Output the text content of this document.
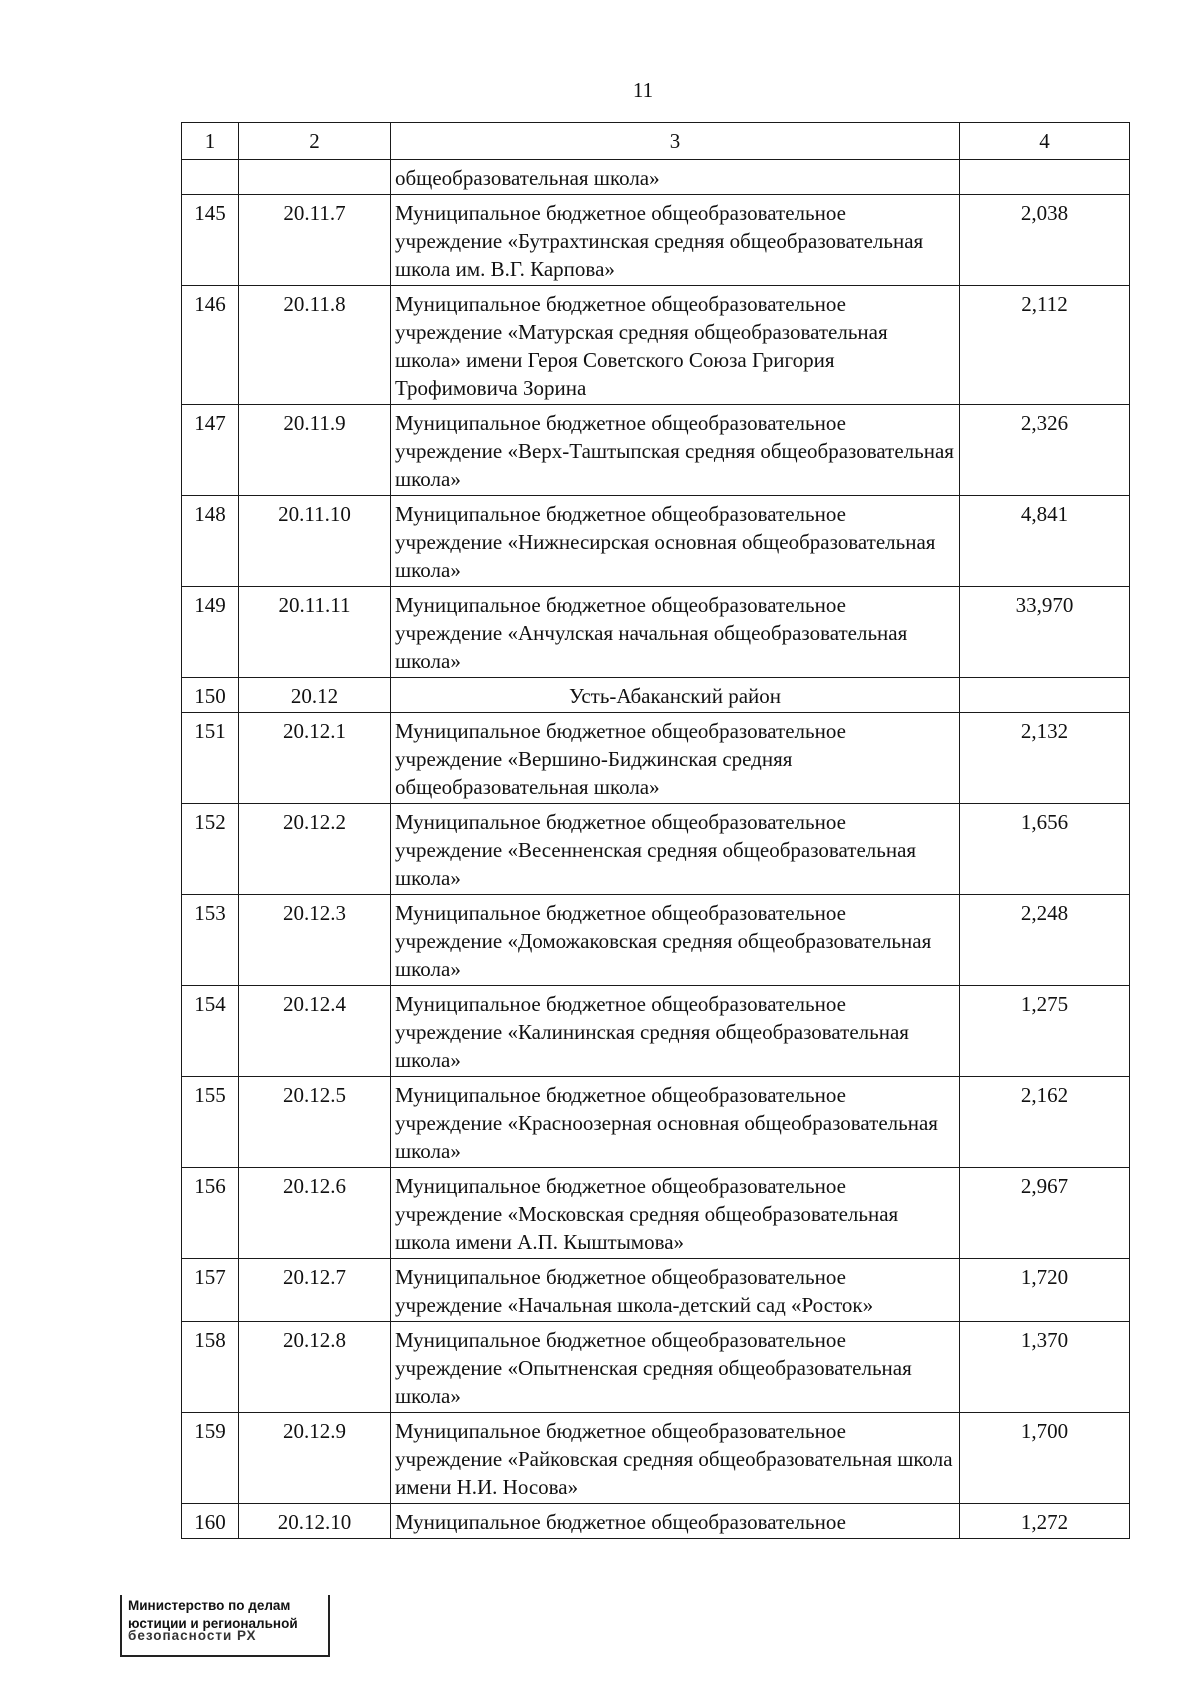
11
1	2	3	4
		общеобразовательная школа»	
145	20.11.7	Муниципальное бюджетное общеобразовательное учреждение «Бутрахтинская средняя общеобразовательная школа им. В.Г. Карпова»	2,038
146	20.11.8	Муниципальное бюджетное общеобразовательное учреждение «Матурская средняя общеобразовательная школа» имени Героя Советского Союза Григория Трофимовича Зорина	2,112
147	20.11.9	Муниципальное бюджетное общеобразовательное учреждение «Верх-Таштыпская средняя общеобразовательная школа»	2,326
148	20.11.10	Муниципальное бюджетное общеобразовательное учреждение «Нижнесирская основная общеобразовательная школа»	4,841
149	20.11.11	Муниципальное бюджетное общеобразовательное учреждение «Анчулская начальная общеобразовательная школа»	33,970
150	20.12	Усть-Абаканский район	
151	20.12.1	Муниципальное бюджетное общеобразовательное учреждение «Вершино-Биджинская средняя общеобразовательная школа»	2,132
152	20.12.2	Муниципальное бюджетное общеобразовательное учреждение «Весенненская средняя общеобразовательная школа»	1,656
153	20.12.3	Муниципальное бюджетное общеобразовательное учреждение «Доможаковская средняя общеобразовательная школа»	2,248
154	20.12.4	Муниципальное бюджетное общеобразовательное учреждение «Калининская средняя общеобразовательная школа»	1,275
155	20.12.5	Муниципальное бюджетное общеобразовательное учреждение «Красноозерная основная общеобразовательная школа»	2,162
156	20.12.6	Муниципальное бюджетное общеобразовательное учреждение «Московская средняя общеобразовательная школа имени А.П. Кыштымова»	2,967
157	20.12.7	Муниципальное бюджетное общеобразовательное учреждение «Начальная школа-детский сад «Росток»	1,720
158	20.12.8	Муниципальное бюджетное общеобразовательное учреждение «Опытненская средняя общеобразовательная школа»	1,370
159	20.12.9	Муниципальное бюджетное общеобразовательное учреждение «Райковская средняя общеобразовательная школа имени Н.И. Носова»	1,700
160	20.12.10	Муниципальное бюджетное общеобразовательное	1,272
Министерство по делам
юстиции и региональной
безопасности РХ
